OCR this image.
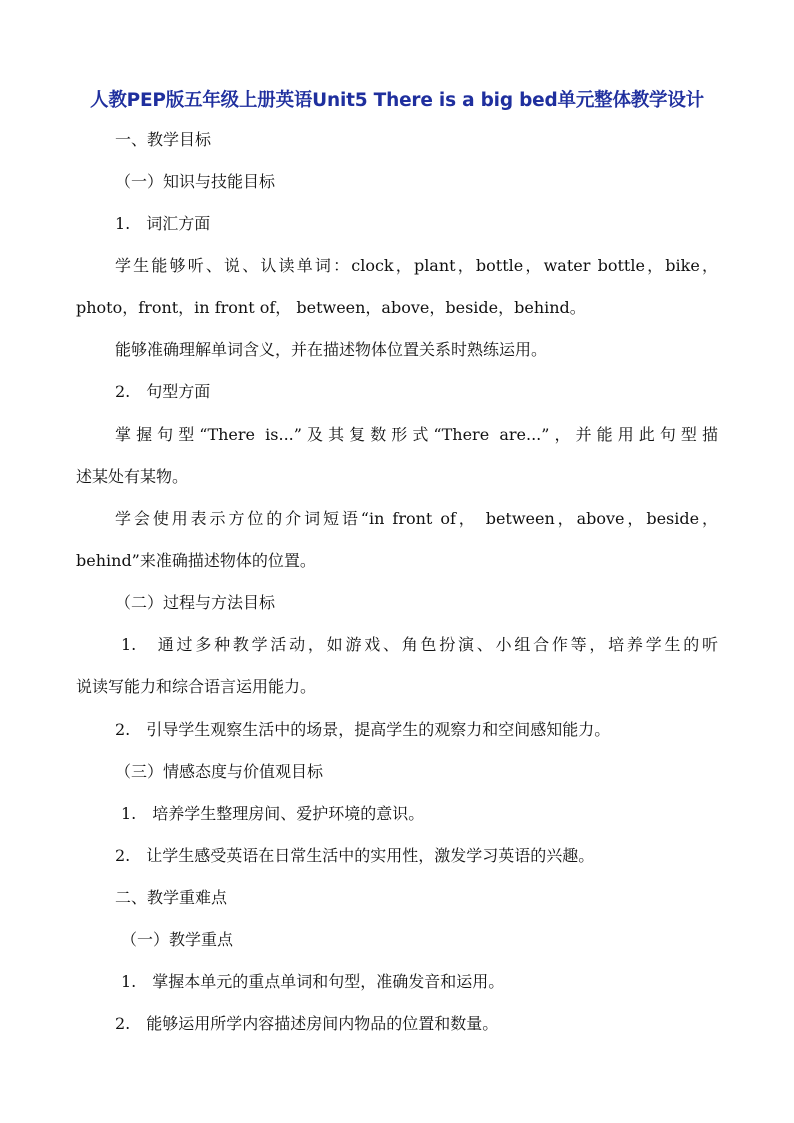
人教PEP版五年级上册英语Unit5 There is a big bed单元整体教学设计
一、教学目标
（一）知识与技能目标
1.　词汇方面
学生能够听、说、认读单词：clock，plant，bottle，water bottle，bike，
photo，front，in front of， between，above，beside，behind。
能够准确理解单词含义，并在描述物体位置关系时熟练运用。
2.　句型方面
掌握句型“There is...”及其复数形式“There are...”，并能用此句型描
述某处有某物。
学会使用表示方位的介词短语“in front of， between，above，beside，
behind”来准确描述物体的位置。
（二）过程与方法目标
1.　通过多种教学活动，如游戏、角色扮演、小组合作等，培养学生的听
说读写能力和综合语言运用能力。
2.　引导学生观察生活中的场景，提高学生的观察力和空间感知能力。
（三）情感态度与价值观目标
1.　培养学生整理房间、爱护环境的意识。
2.　让学生感受英语在日常生活中的实用性，激发学习英语的兴趣。
二、教学重难点
（一）教学重点
1.　掌握本单元的重点单词和句型，准确发音和运用。
2.　能够运用所学内容描述房间内物品的位置和数量。
